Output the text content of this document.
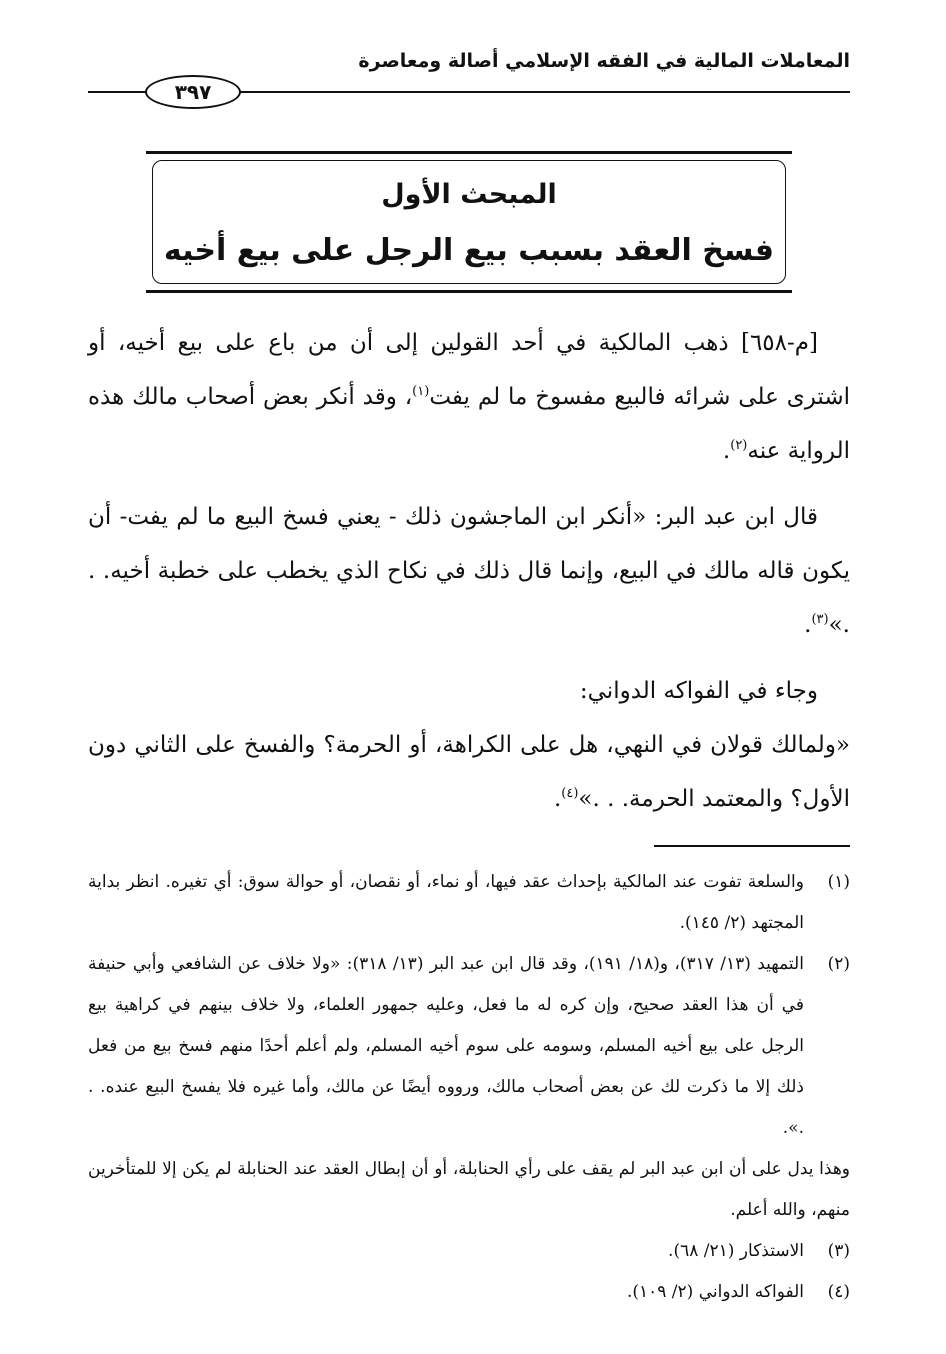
المعاملات المالية في الفقه الإسلامي أصالة ومعاصرة
٣٩٧
المبحث الأول
فسخ العقد بسبب بيع الرجل على بيع أخيه

[م-٦٥٨] ذهب المالكية في أحد القولين إلى أن من باع على بيع أخيه، أو اشترى على شرائه فالبيع مفسوخ ما لم يفت$^{(١)}$، وقد أنكر بعض أصحاب مالك هذه الرواية عنه$^{(٢)}$.

قال ابن عبد البر: «أنكر ابن الماجشون ذلك - يعني فسخ البيع ما لم يفت- أن يكون قاله مالك في البيع، وإنما قال ذلك في نكاح الذي يخطب على خطبة أخيه. . .»$^{(٣)}$.

وجاء في الفواكه الدواني:

«ولمالك قولان في النهي، هل على الكراهة، أو الحرمة؟ والفسخ على الثاني دون الأول؟ والمعتمد الحرمة. . .»$^{(٤)}$.

(١)
والسلعة تفوت عند المالكية بإحداث عقد فيها، أو نماء، أو نقصان، أو حوالة سوق: أي تغيره. انظر بداية المجتهد (٢/ ١٤٥).
(٢)
التمهيد (١٣/ ٣١٧)، و(١٨/ ١٩١)، وقد قال ابن عبد البر (١٣/ ٣١٨): «ولا خلاف عن الشافعي وأبي حنيفة في أن هذا العقد صحيح، وإن كره له ما فعل، وعليه جمهور العلماء، ولا خلاف بينهم في كراهية بيع الرجل على بيع أخيه المسلم، وسومه على سوم أخيه المسلم، ولم أعلم أحدًا منهم فسخ بيع من فعل ذلك إلا ما ذكرت لك عن بعض أصحاب مالك، ورووه أيضًا عن مالك، وأما غيره فلا يفسخ البيع عنده. . .».
وهذا يدل على أن ابن عبد البر لم يقف على رأي الحنابلة، أو أن إبطال العقد عند الحنابلة لم يكن إلا للمتأخرين منهم، والله أعلم.
(٣)
الاستذكار (٢١/ ٦٨).
(٤)
الفواكه الدواني (٢/ ١٠٩).
